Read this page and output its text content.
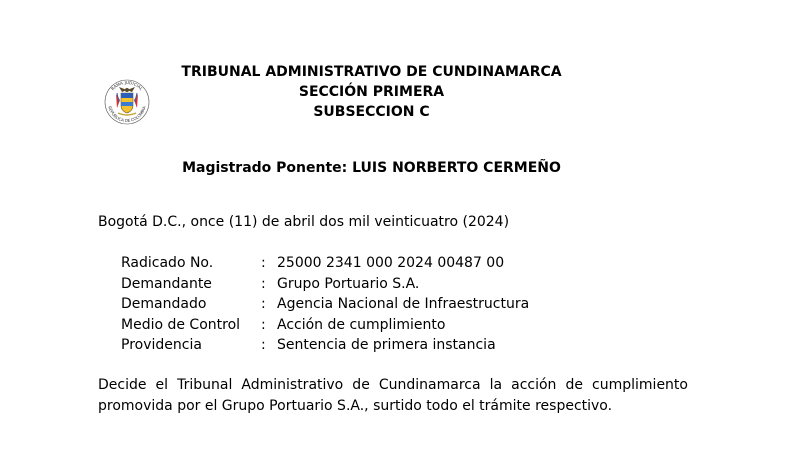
RAMA JUDICIAL
REPÚBLICA DE COLOMBIA
TRIBUNAL ADMINISTRATIVO DE CUNDINAMARCA
SECCIÓN PRIMERA
SUBSECCION C
Magistrado Ponente: LUIS NORBERTO CERMEÑO
Bogotá D.C., once (11) de abril dos mil veinticuatro (2024)
Radicado No.	: 25000 2341 000 2024 00487 00
Demandante	: Grupo Portuario S.A.
Demandado	: Agencia Nacional de Infraestructura
Medio de Control : Acción de cumplimiento
Providencia	: Sentencia de primera instancia
Decide el Tribunal Administrativo de Cundinamarca la acción de cumplimiento
promovida por el Grupo Portuario S.A., surtido todo el trámite respectivo.
